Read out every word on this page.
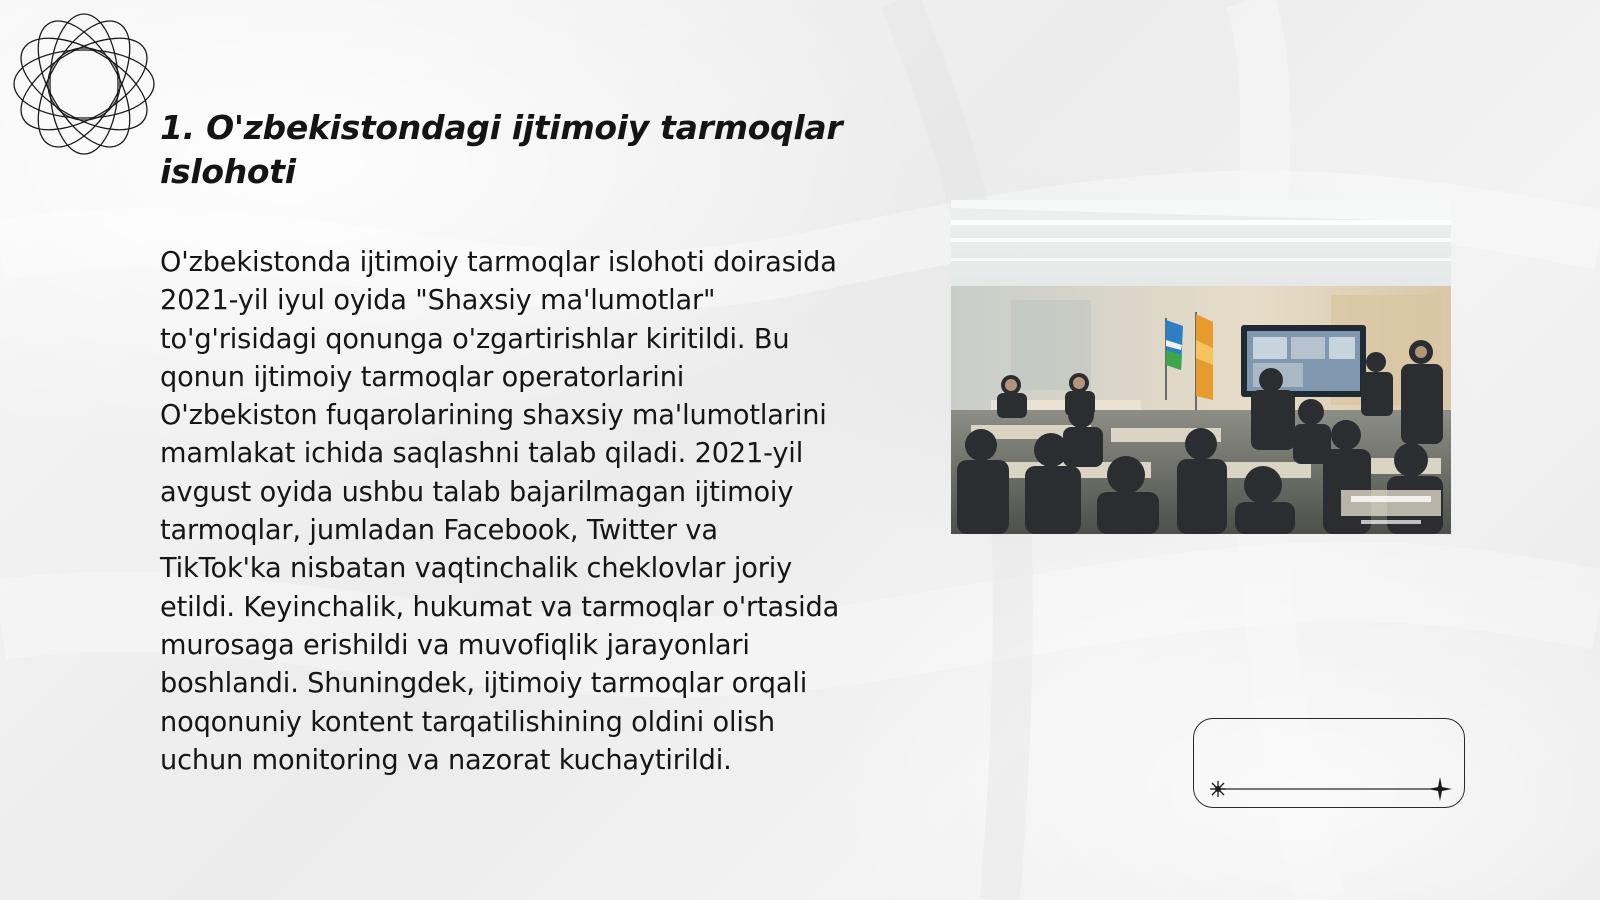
1. O'zbekistondagi ijtimoiy tarmoqlar islohoti

O'zbekistonda ijtimoiy tarmoqlar islohoti doirasida 2021-yil iyul oyida "Shaxsiy ma'lumotlar" to'g'risidagi qonunga o'zgartirishlar kiritildi. Bu qonun ijtimoiy tarmoqlar operatorlarini O'zbekiston fuqarolarining shaxsiy ma'lumotlarini mamlakat ichida saqlashni talab qiladi. 2021-yil avgust oyida ushbu talab bajarilmagan ijtimoiy tarmoqlar, jumladan Facebook, Twitter va TikTok'ka nisbatan vaqtinchalik cheklovlar joriy etildi. Keyinchalik, hukumat va tarmoqlar o'rtasida murosaga erishildi va muvofiqlik jarayonlari boshlandi. Shuningdek, ijtimoiy tarmoqlar orqali noqonuniy kontent tarqatilishining oldini olish uchun monitoring va nazorat kuchaytirildi.
